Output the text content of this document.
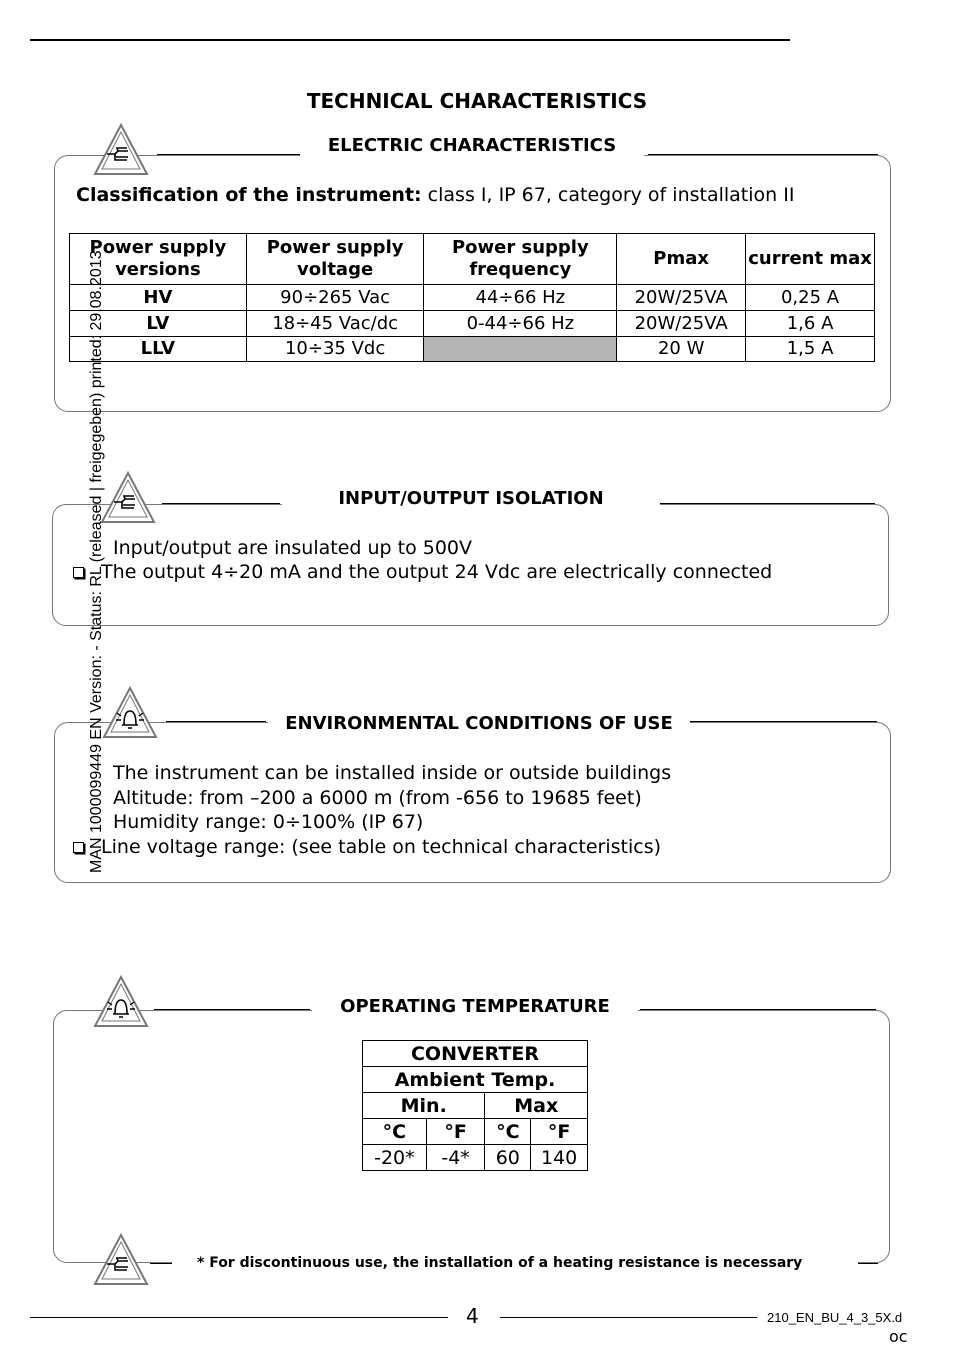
TECHNICAL CHARACTERISTICS
ELECTRIC CHARACTERISTICS
Classification of the instrument: class I, IP 67, category of installation II
Power supply versions	Power supply voltage	Power supply frequency	Pmax	current max
HV	90÷265 Vac	44÷66 Hz	20W/25VA	0,25 A
LV	18÷45 Vac/dc	0-44÷66 Hz	20W/25VA	1,6 A
LLV	10÷35 Vdc		20 W	1,5 A
INPUT/OUTPUT ISOLATION
Input/output are insulated up to 500V
The output 4÷20 mA and the output 24 Vdc are electrically connected
ENVIRONMENTAL CONDITIONS OF USE
The instrument can be installed inside or outside buildings
Altitude: from –200 a 6000 m (from -656 to 19685 feet)
Humidity range: 0÷100% (IP 67)
Line voltage range: (see table on technical characteristics)
OPERATING TEMPERATURE
CONVERTER			
Ambient Temp.			
Min.		Max	
°C	°F	°C	°F
-20*	-4*	60	140
* For discontinuous use, the installation of a heating resistance is necessary
MAN 1000099449 EN Version: - Status: RL (released | freigegeben) printed: 29.08.2013
4	210_EN_BU_4_3_5X.d
oc
